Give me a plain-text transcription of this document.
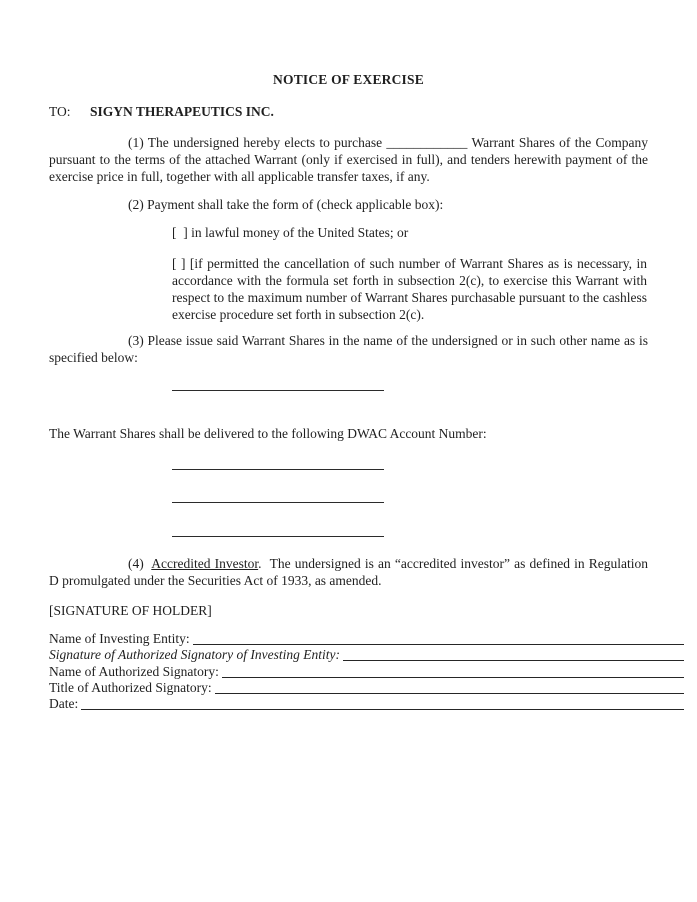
NOTICE OF EXERCISE

TO:	SIGYN THERAPEUTICS INC.

(1) The undersigned hereby elects to purchase ____________ Warrant Shares of the Company pursuant to the terms of the attached Warrant (only if exercised in full), and tenders herewith payment of the exercise price in full, together with all applicable transfer taxes, if any.

(2) Payment shall take the form of (check applicable box):

[  ] in lawful money of the United States; or

[ ] [if permitted the cancellation of such number of Warrant Shares as is necessary, in accordance with the formula set forth in subsection 2(c), to exercise this Warrant with respect to the maximum number of Warrant Shares purchasable pursuant to the cashless exercise procedure set forth in subsection 2(c).

(3) Please issue said Warrant Shares in the name of the undersigned or in such other name as is specified below:

The Warrant Shares shall be delivered to the following DWAC Account Number:

(4)  Accredited Investor.  The undersigned is an “accredited investor” as defined in Regulation D promulgated under the Securities Act of 1933, as amended.

[SIGNATURE OF HOLDER]

Name of Investing Entity:
Signature of Authorized Signatory of Investing Entity:
Name of Authorized Signatory:
Title of Authorized Signatory:
Date:
